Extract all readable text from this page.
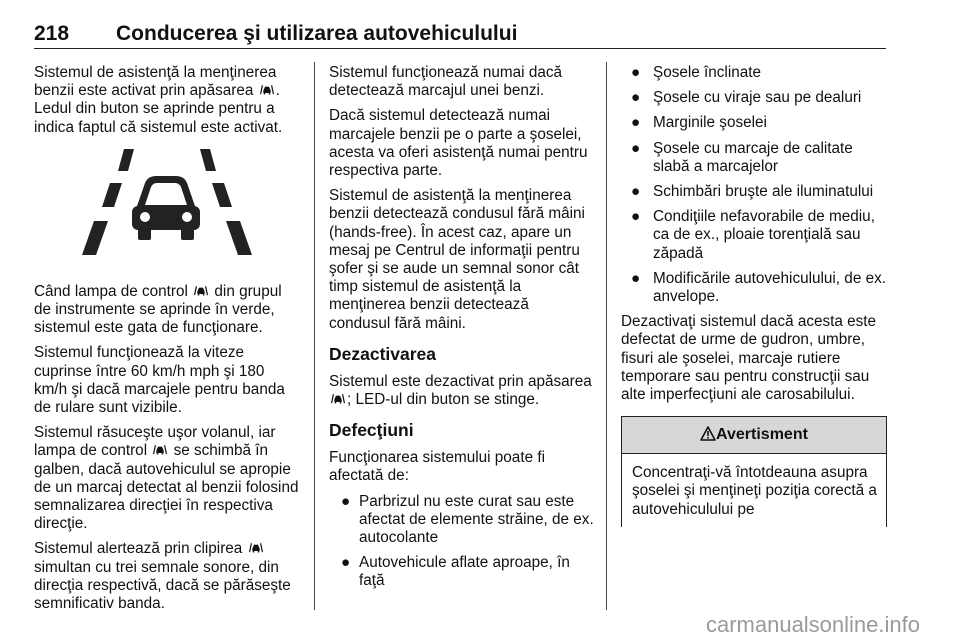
218 Conducerea şi utilizarea autovehiculului

Sistemul de asistenţă la menţinerea benzii este activat prin apăsarea . Ledul din buton se aprinde pentru a indica faptul că sistemul este activat.

Când lampa de control din grupul de instrumente se aprinde în verde, sistemul este gata de funcţionare.

Sistemul funcţionează la viteze cuprinse între 60 km/h mph şi 180 km/h şi dacă marcajele pentru banda de rulare sunt vizibile.

Sistemul răsuceşte uşor volanul, iar lampa de control se schimbă în galben, dacă autovehiculul se apropie de un marcaj detectat al benzii folosind semnalizarea direcţiei în respectiva direcţie.

Sistemul alertează prin clipirea  simultan cu trei semnale sonore, din direcţia respectivă, dacă se părăseşte semnificativ banda.

Sistemul funcţionează numai dacă detectează marcajul unei benzi.

Dacă sistemul detectează numai marcajele benzii pe o parte a şoselei, acesta va oferi asistenţă numai pentru respectiva parte.

Sistemul de asistenţă la menţinerea benzii detectează condusul fără mâini (hands-free). În acest caz, apare un mesaj pe Centrul de informaţii pentru şofer şi se aude un semnal sonor cât timp sistemul de asistenţă la menţinerea benzii detectează condusul fără mâini.

Dezactivarea

Sistemul este dezactivat prin apăsarea ; LED-ul din buton se stinge.

Defecţiuni

Funcţionarea sistemului poate fi afectată de:

● Parbrizul nu este curat sau este afectat de elemente străine, de ex. autocolante
● Autovehicule aflate aproape, în faţă
● Şosele înclinate
● Şosele cu viraje sau pe dealuri
● Marginile şoselei
● Şosele cu marcaje de calitate slabă a marcajelor
● Schimbări bruşte ale iluminatului
● Condiţiile nefavorabile de mediu, ca de ex., ploaie torenţială sau zăpadă
● Modificările autovehiculului, de ex. anvelope.

Dezactivaţi sistemul dacă acesta este defectat de urme de gudron, umbre, fisuri ale şoselei, marcaje rutiere temporare sau pentru construcţii sau alte imperfecţiuni ale carosabilului.

Avertisment
Concentraţi-vă întotdeauna asupra şoselei şi menţineţi poziţia corectă a autovehiculului pe
carmanualsonline.info
